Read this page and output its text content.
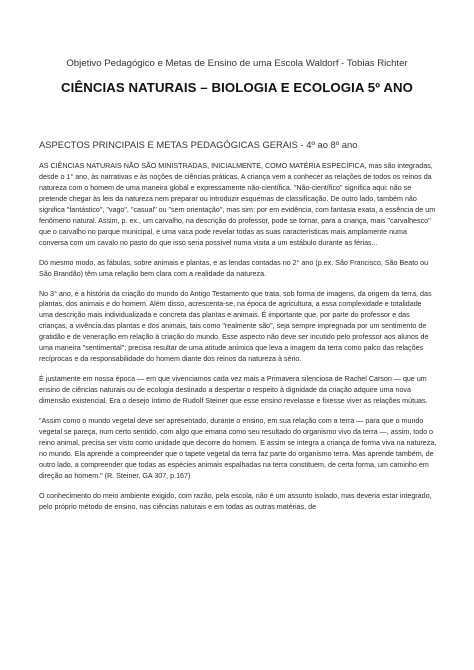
Objetivo Pedagógico e Metas de Ensino de uma Escola Waldorf - Tobias Richter
CIÊNCIAS NATURAIS – BIOLOGIA E ECOLOGIA 5º ANO
ASPECTOS PRINCIPAIS E METAS PEDAGÓGICAS GERAIS - 4º ao 8º ano

AS CIÊNCIAS NATURAIS NÃO SÃO MINISTRADAS, INICIALMENTE, COMO MATÉRIA ESPECÍFICA, mas são integradas, desde o 1° ano, às narrativas e às noções de ciências práticas. A criança vem a conhecer as relações de todos os reinos da natureza com o homem de uma maneira global e expressamente não-científica. "Não-científico" significa aqui: não se pretende chegar às leis da natureza nem preparar ou introduzir esquemas de classificação. De outro lado, também não significa "fantástico", "vago", "casual" ou "sem orientação", mas sim: por em evidência, com fantasia exata, a essência de um fenômeno natural. Assim, p. ex., um carvalho, na descrição do professor, pode se tornar, para a criança, mais "carvalhesco" que o carvalho no parque municipal, e uma vaca pode revelar todas as suas características mais amplamente numa conversa com um cavalo no pasto do que isso seria possível numa visita a um estábulo durante as férias...

Do mesmo modo, as fábulas, sobre animais e plantas, e as lendas contadas no 2° ano (p.ex. São Francisco, São Beato ou São Brandão) têm uma relação bem clara com a realidade da natureza.

No 3° ano, é a história da criação do mundo do Antigo Testamento que trata, sob forma de imagens, da origem da terra, das plantas, dos animais e do homem. Além disso, acrescenta-se, na época de agricultura, a essa complexidade e totalidade uma descrição mais individualizada e concreta das plantas e animais. É importante que, por parte do professor e das crianças, a vivência.das plantas e dos animais, tais como "realmente são", seja sempre impregnada por um sentimento de gratidão e de veneração em relação à criação do mundo. Esse aspecto não deve ser incutido pelo professor aos alunos de uma maneira "sentimental"; precisa resultar de uma atitude anímica que leva a imagem da terra como palco das relações recíprocas e da responsabilidade do homem diante dos reinos da natureza à sério.

É justamente em nossa época — em que vivenciamos cada vez mais a Primavera silenciosa de Rachel Carson — que um ensino de ciências naturais ou de ecologia destinado a despertar o respeito à dignidade da criação adquire uma nova dimensão existencial. Era o desejo íntimo de Rudolf Steiner que esse ensino revelasse e fixesse viver as relações mútuas.

"Assim como o mundo vegetal deve ser apresentado, durante o ensino, em sua relação com a terra — para que o mundo vegetal se pareça, num certo sentido, com algo que emana como seu resultado do organismo vivo da terra —, assim, todo o reino animal, precisa ser visto como unidade que decorre do homem. E assim se integra a criança de forma viva na natureza, no mundo. Ela aprende a compreender que o tapete vegetal da terra faz parte do organismo terra. Mas aprende também, de outro lado, a compreender que todas as espécies animais espalhadas na terra constituem, de certa forma, um caminho em direção ao homem." (R. Steiner, GA 307, p.167)

O conhecimento do meio ambiente exigido, com razão, pela escola, não é um assunto isolado, mas deveria estar integrado, pelo próprio método de ensino, nas ciências naturais e em todas as outras matérias, de
